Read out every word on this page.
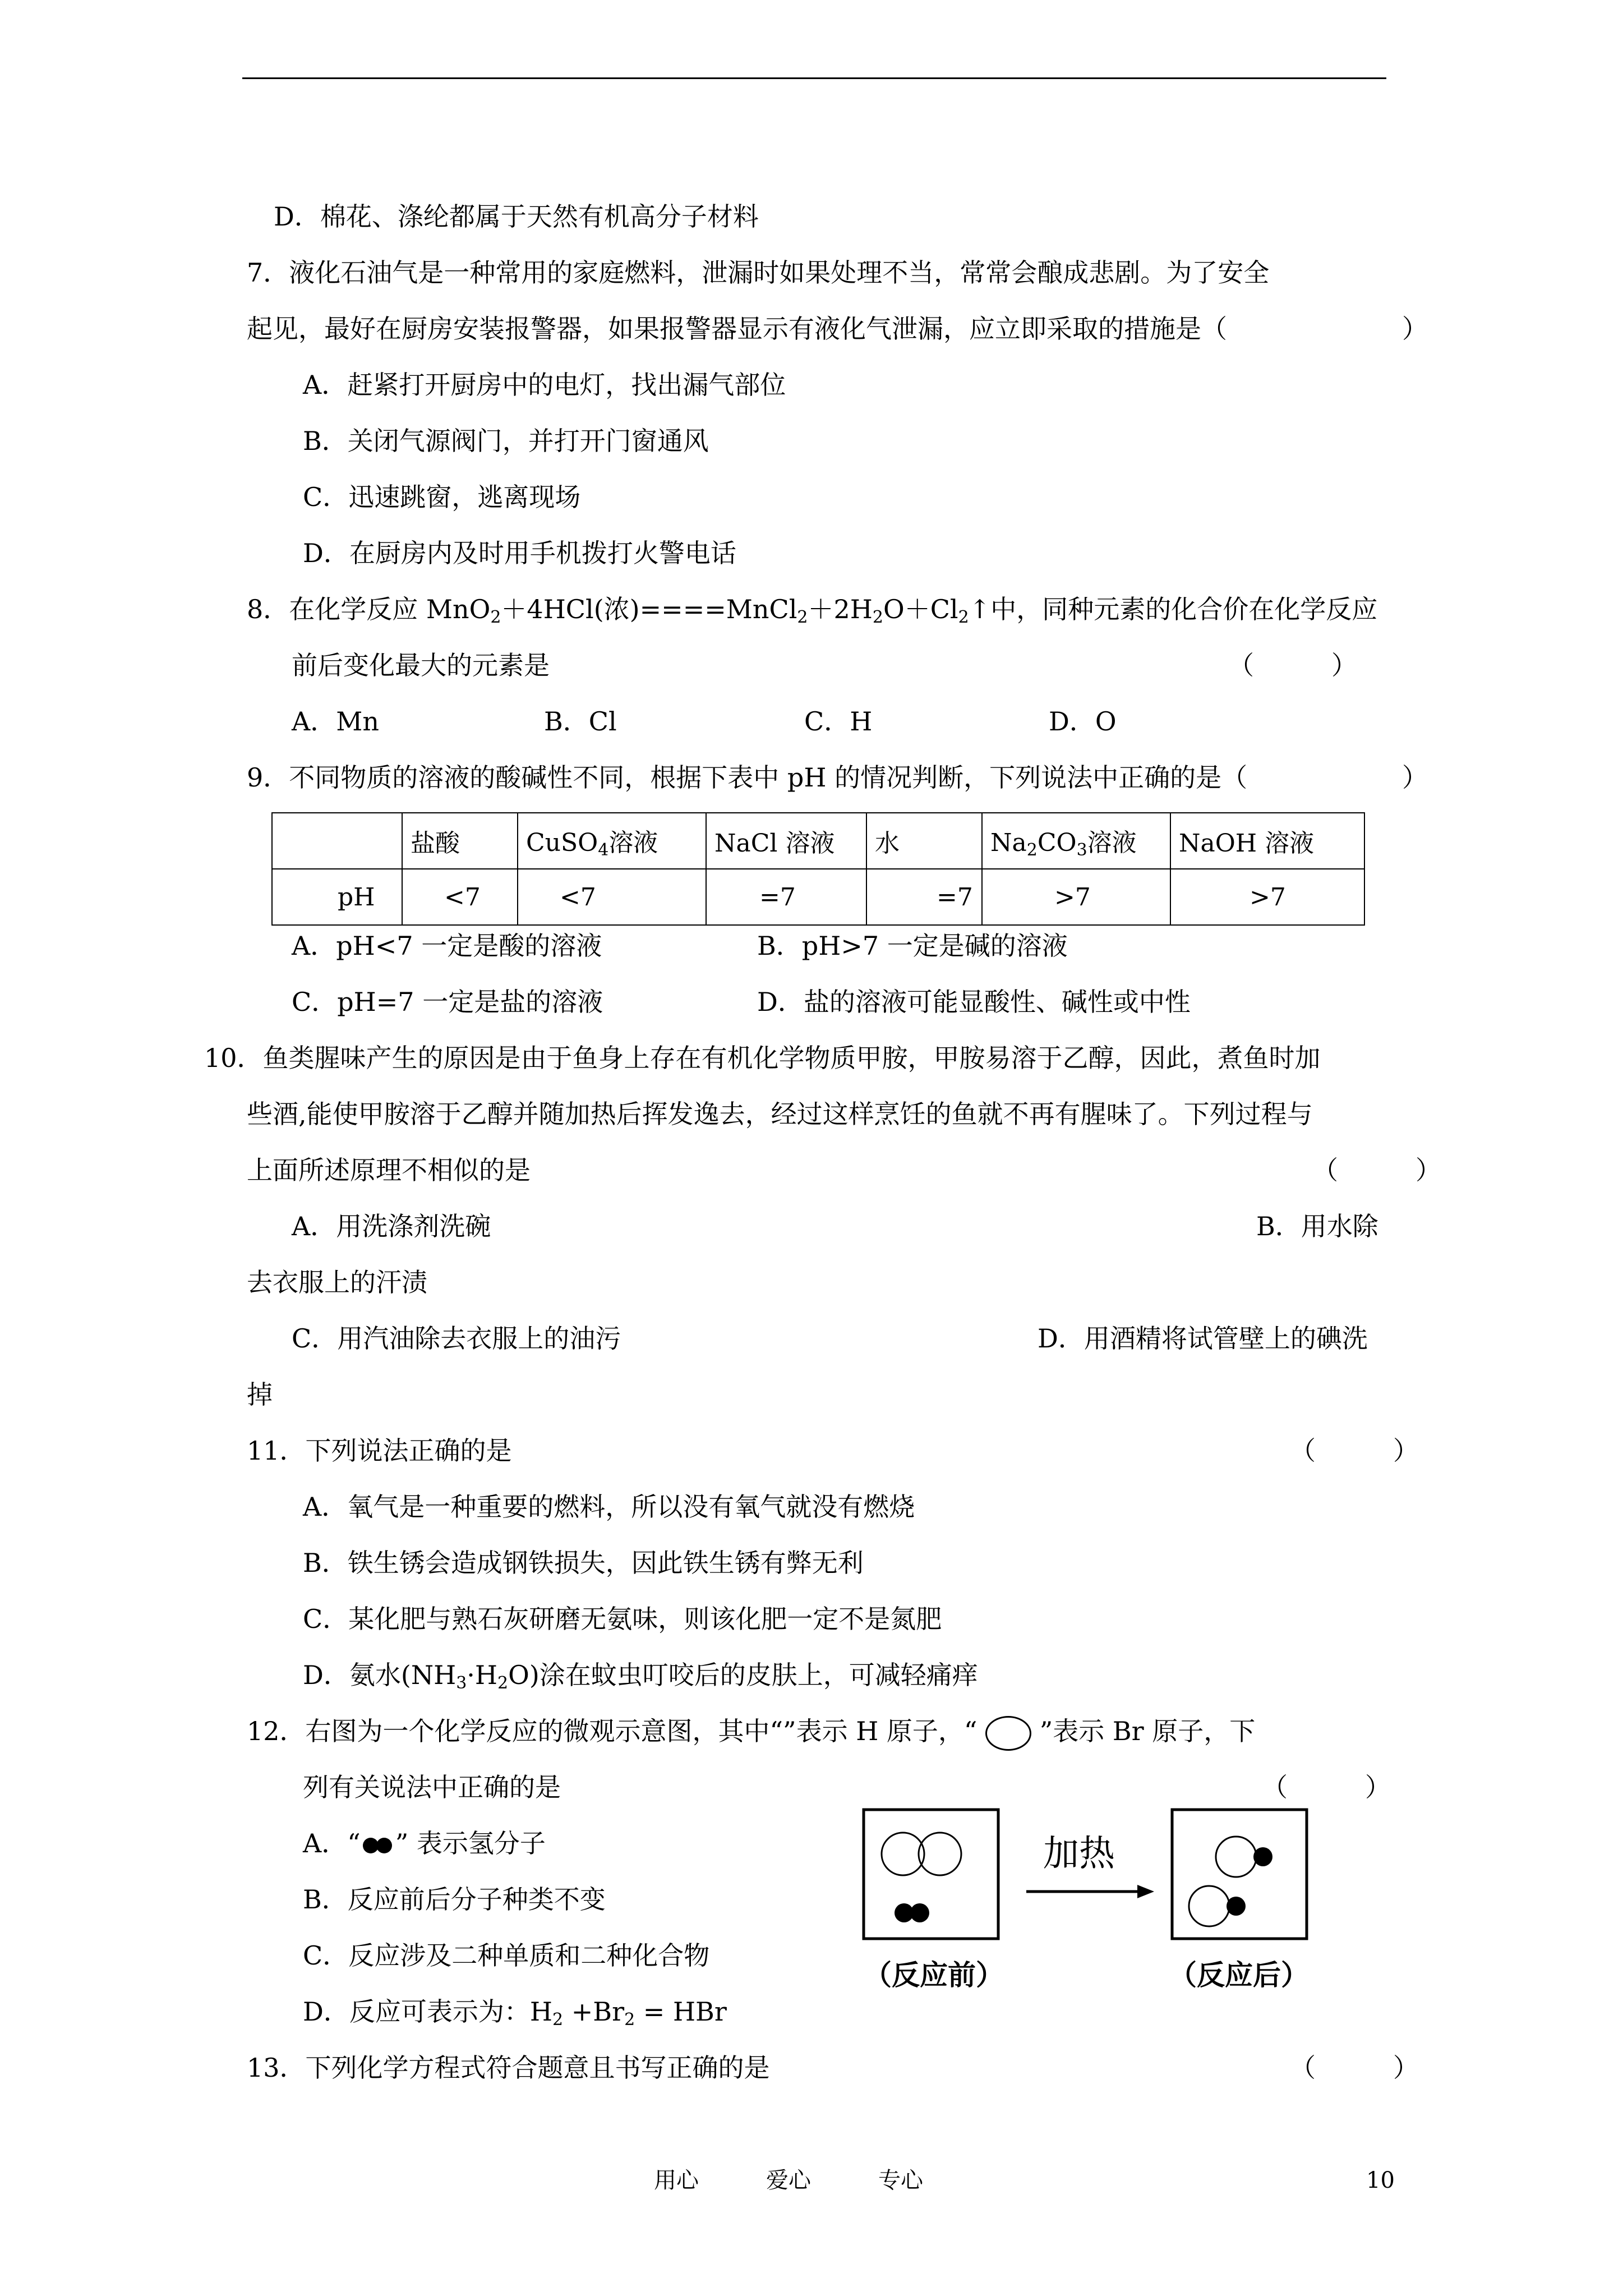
D．棉花、涤纶都属于天然有机高分子材料
7．液化石油气是一种常用的家庭燃料，泄漏时如果处理不当，常常会酿成悲剧。为了安全
起见，最好在厨房安装报警器，如果报警器显示有液化气泄漏，应立即采取的措施是（	）
A．赶紧打开厨房中的电灯，找出漏气部位
B．关闭气源阀门，并打开门窗通风
C．迅速跳窗，逃离现场
D．在厨房内及时用手机拨打火警电话
8．在化学反应 MnO$_2$＋4HCl(浓)$====MnCl_2+2H_2O+Cl_2↑$中，同种元素的化合价在化学反应
前后变化最大的元素是	（　　　）
A．Mn	B．Cl	C．H	D．O
9．不同物质的溶液的酸碱性不同，根据下表中 pH 的情况判断，下列说法中正确的是（	）
	盐酸	CuSO$_4$溶液	NaCl 溶液	水	$Na_2CO_3$溶液	NaOH 溶液
pH	<7	<7	=7	=7	>7	>7
A．pH<7 一定是酸的溶液	B．pH>7 一定是碱的溶液
C．pH=7 一定是盐的溶液	D．盐的溶液可能显酸性、碱性或中性
10．鱼类腥味产生的原因是由于鱼身上存在有机化学物质甲胺，甲胺易溶于乙醇，因此，煮鱼时加
些酒,能使甲胺溶于乙醇并随加热后挥发逸去，经过这样烹饪的鱼就不再有腥味了。下列过程与
上面所述原理不相似的是	（　　　）
A．用洗涤剂洗碗	B．用水除
去衣服上的汗渍
C．用汽油除去衣服上的油污	D．用酒精将试管壁上的碘洗
掉
11．下列说法正确的是	（　　　）
A．氧气是一种重要的燃料，所以没有氧气就没有燃烧
B．铁生锈会造成钢铁损失，因此铁生锈有弊无利
C．某化肥与熟石灰研磨无氨味，则该化肥一定不是氮肥
D．氨水$(NH_3\cdot H_2O)$涂在蚊虫叮咬后的皮肤上，可减轻痛痒
12．右图为一个化学反应的微观示意图，其中“”表示 H 原子，“ ”表示 Br 原子，下
列有关说法中正确的是	（　　　）
A．“ ” 表示氢分子
B．反应前后分子种类不变
C．反应涉及二种单质和二种化合物
D．反应可表示为：$H_2 +Br_2$ = HBr
加热
（反应前）	（反应后）
13．下列化学方程式符合题意且书写正确的是	（　　　）
用心	爱心	专心	10
